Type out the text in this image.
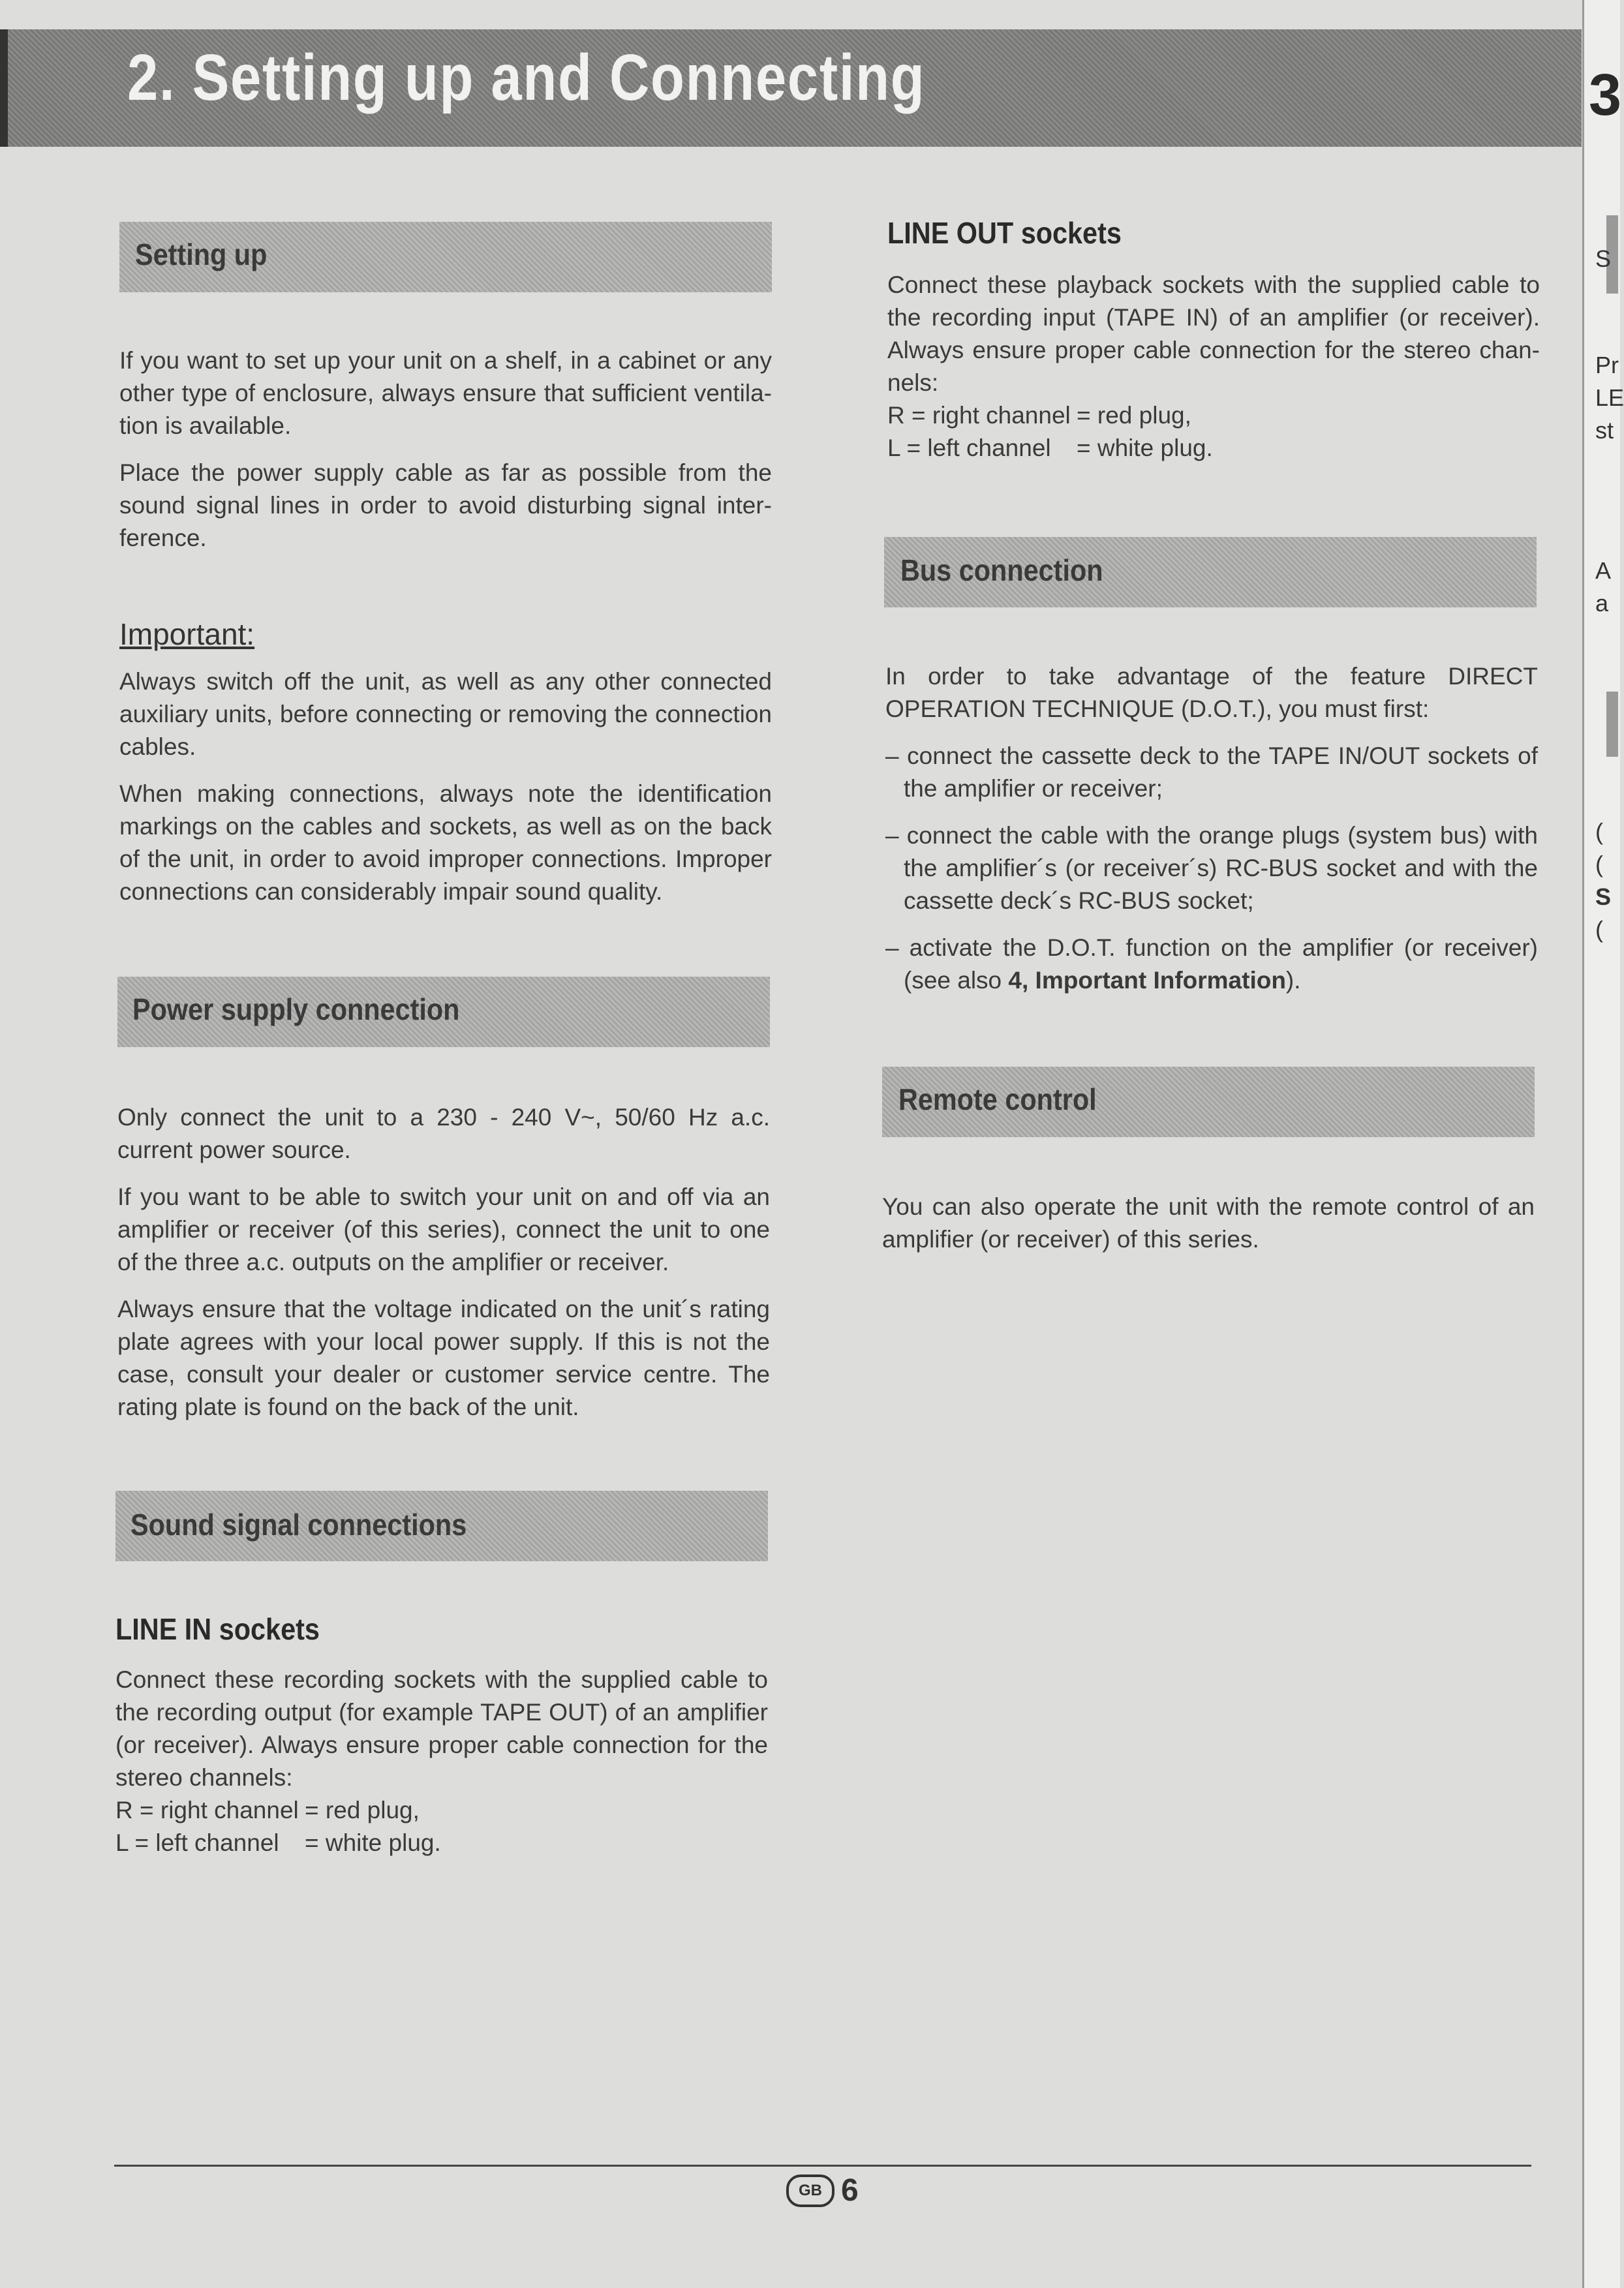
2. Setting up and Connecting	3
S
Pr
LE
st
A
a
(
(
S
(
Setting up

If you want to set up your unit on a shelf, in a cabinet or any other type of enclosure, always ensure that sufficient ventila-tion is available.

Place the power supply cable as far as possible from the sound signal lines in order to avoid disturbing signal inter-ference.

Important:

Always switch off the unit, as well as any other connected auxiliary units, before connecting or removing the connection cables.

When making connections, always note the identification markings on the cables and sockets, as well as on the back of the unit, in order to avoid improper connections. Improper connections can considerably impair sound quality.

Power supply connection

Only connect the unit to a 230 - 240 V~, 50/60 Hz a.c. current power source.

If you want to be able to switch your unit on and off via an amplifier or receiver (of this series), connect the unit to one of the three a.c. outputs on the amplifier or receiver.

Always ensure that the voltage indicated on the unit´s rating plate agrees with your local power supply. If this is not the case, consult your dealer or customer service centre. The rating plate is found on the back of the unit.

Sound signal connections
LINE IN sockets
Connect these recording sockets with the supplied cable to the recording output (for example TAPE OUT) of an amplifier (or receiver). Always ensure proper cable connection for the stereo channels:
R = right channel = red plug,
L = left channel	= white plug.
LINE OUT sockets
Connect these playback sockets with the supplied cable to the recording input (TAPE IN) of an amplifier (or receiver). Always ensure proper cable connection for the stereo chan-nels:
R = right channel = red plug,
L = left channel	= white plug.
Bus connection

In order to take advantage of the feature DIRECT OPERATION TECHNIQUE (D.O.T.), you must first:

– connect the cassette deck to the TAPE IN/OUT sockets of the amplifier or receiver;

– connect the cable with the orange plugs (system bus) with the amplifier´s (or receiver´s) RC-BUS socket and with the cassette deck´s RC-BUS socket;

– activate the D.O.T. function on the amplifier (or receiver) (see also 4, Important Information).

Remote control

You can also operate the unit with the remote control of an amplifier (or receiver) of this series.

GB 6
